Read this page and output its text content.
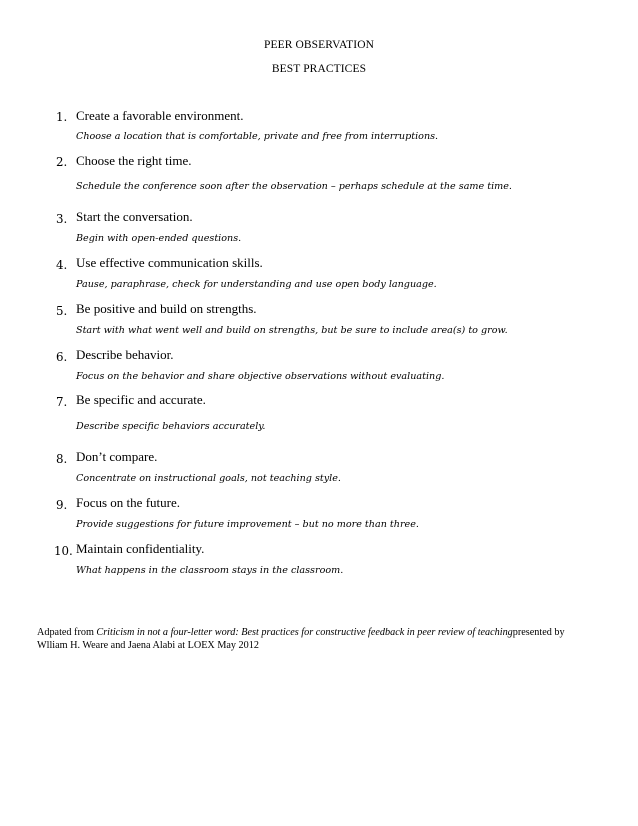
PEER OBSERVATION
BEST PRACTICES
1. Create a favorable environment.
Choose a location that is comfortable, private and free from interruptions.
2. Choose the right time.
Schedule the conference soon after the observation – perhaps schedule at the same time.
3. Start the conversation.
Begin with open-ended questions.
4. Use effective communication skills.
Pause, paraphrase, check for understanding and use open body language.
5. Be positive and build on strengths.
Start with what went well and build on strengths, but be sure to include area(s) to grow.
6. Describe behavior.
Focus on the behavior and share objective observations without evaluating.
7. Be specific and accurate.
Describe specific behaviors accurately.
8. Don’t compare.
Concentrate on instructional goals, not teaching style.
9. Focus on the future.
Provide suggestions for future improvement – but no more than three.
10. Maintain confidentiality.
What happens in the classroom stays in the classroom.
Adpated from Criticism in not a four-letter word: Best practices for constructive feedback in peer review of teachingpresented by
Wlliam H. Weare and Jaena Alabi at LOEX May 2012
